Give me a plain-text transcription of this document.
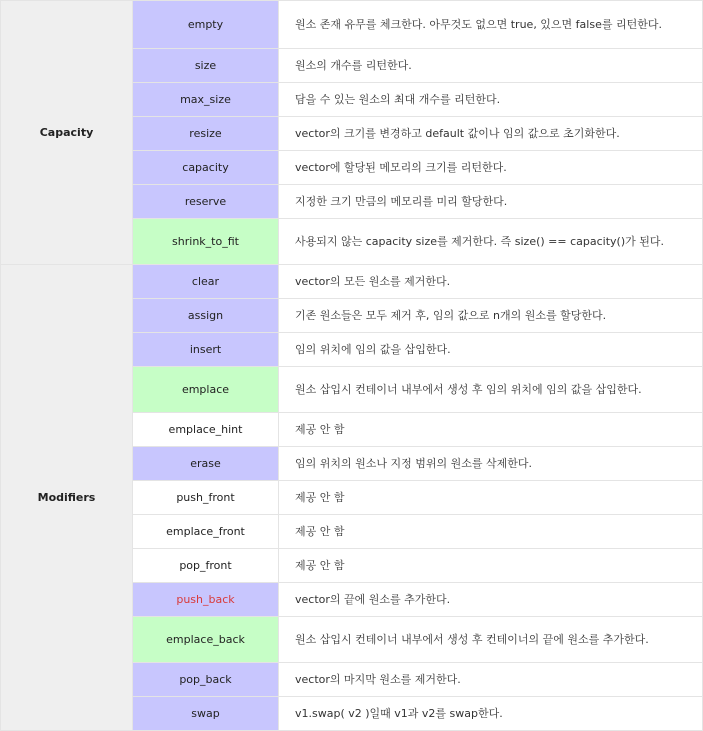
Capacity	empty	원소 존재 유무를 체크한다. 아무것도 없으면 true, 있으면 false를 리턴한다.
	size	원소의 개수를 리턴한다.
	max_size	담을 수 있는 원소의 최대 개수를 리턴한다.
	resize	vector의 크기를 변경하고 default 값이나 임의 값으로 초기화한다.
	capacity	vector에 할당된 메모리의 크기를 리턴한다.
	reserve	지정한 크기 만큼의 메모리를 미리 할당한다.
	shrink_to_fit	사용되지 않는 capacity size를 제거한다. 즉 size() == capacity()가 된다.
Modifiers	clear	vector의 모든 원소를 제거한다.
	assign	기존 원소들은 모두 제거 후, 임의 값으로 n개의 원소를 할당한다.
	insert	임의 위치에 임의 값을 삽입한다.
	emplace	원소 삽입시 컨테이너 내부에서 생성 후 임의 위치에 임의 값을 삽입한다.
	emplace_hint	제공 안 함
	erase	임의 위치의 원소나 지정 범위의 원소를 삭제한다.
	push_front	제공 안 함
	emplace_front	제공 안 함
	pop_front	제공 안 함
	push_back	vector의 끝에 원소를 추가한다.
	emplace_back	원소 삽입시 컨테이너 내부에서 생성 후 컨테이너의 끝에 원소를 추가한다.
	pop_back	vector의 마지막 원소를 제거한다.
	swap	v1.swap( v2 )일때 v1과 v2를 swap한다.
